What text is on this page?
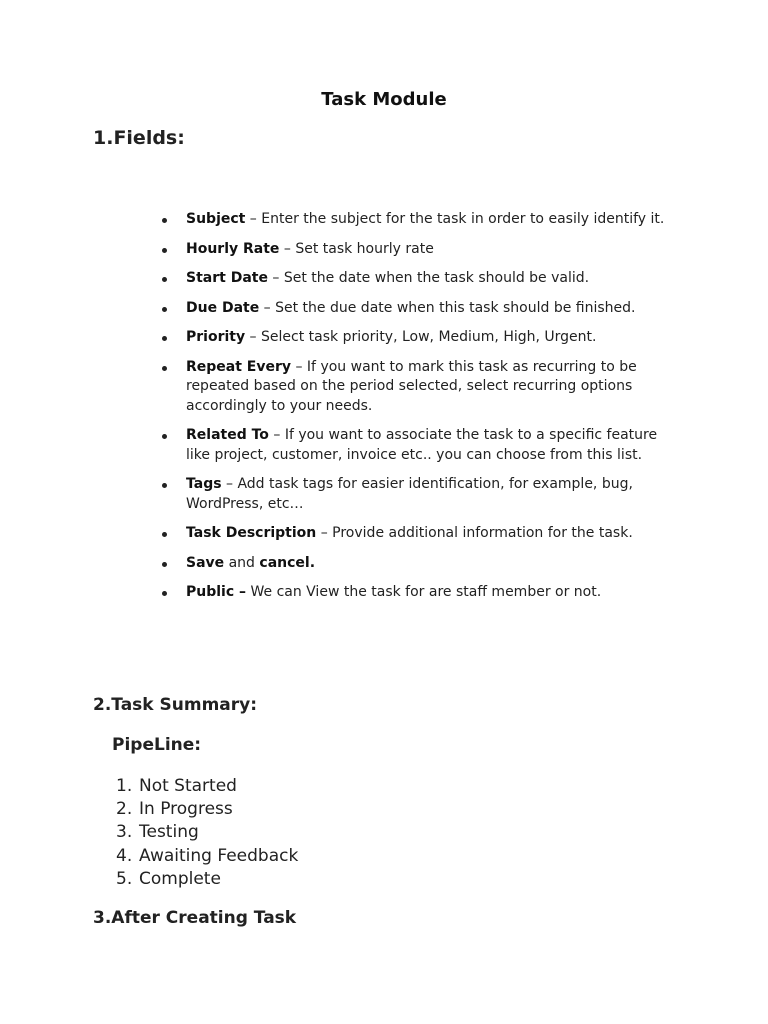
Task Module
1.Fields:
Subject – Enter the subject for the task in order to easily identify it.
Hourly Rate – Set task hourly rate
Start Date – Set the date when the task should be valid.
Due Date – Set the due date when this task should be finished.
Priority – Select task priority, Low, Medium, High, Urgent.
Repeat Every – If you want to mark this task as recurring to be repeated based on the period selected, select recurring options accordingly to your needs.
Related To – If you want to associate the task to a specific feature like project, customer, invoice etc.. you can choose from this list.
Tags – Add task tags for easier identification, for example, bug, WordPress, etc…
Task Description – Provide additional information for the task.
Save and cancel.
Public – We can View the task for are staff member or not.
2.Task Summary:
PipeLine:
1. Not Started
2. In Progress
3. Testing
4. Awaiting Feedback
5. Complete
3.After Creating Task
